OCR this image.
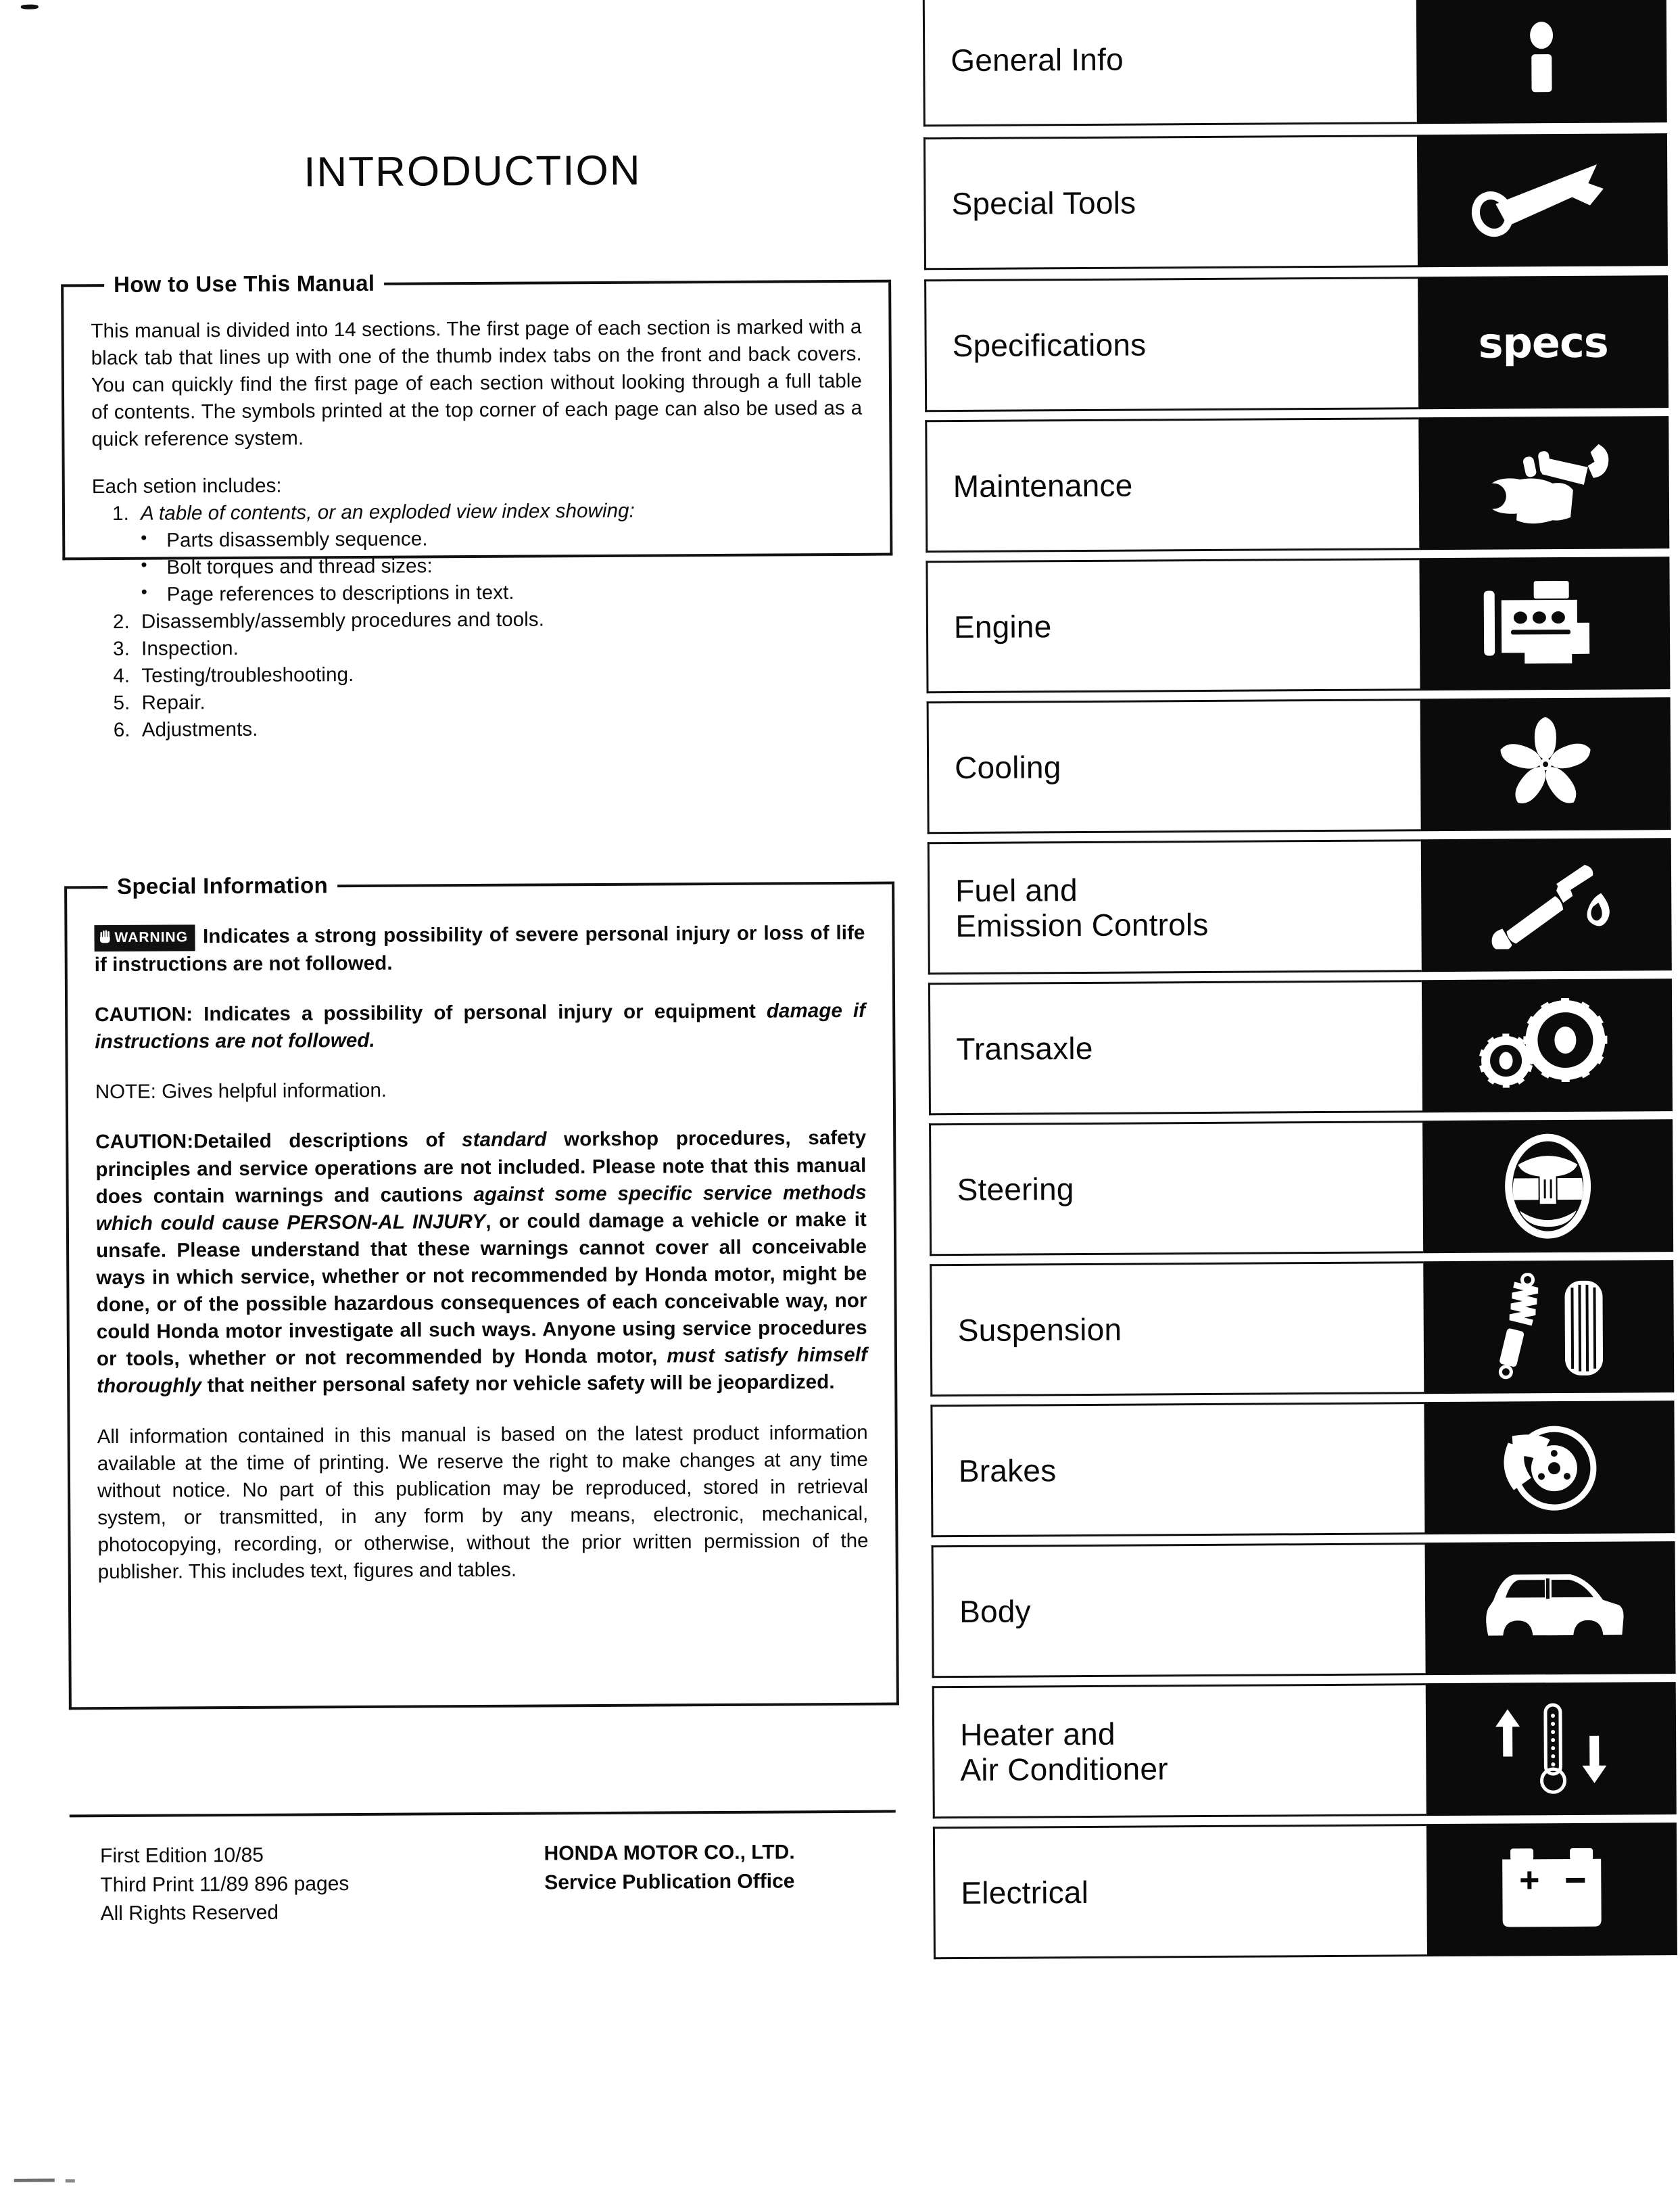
INTRODUCTION
How to Use This Manual
This manual is divided into 14 sections. The first page of each section is marked with a black tab that lines up with one of the thumb index tabs on the front and back covers. You can quickly find the first page of each section without looking through a full table of contents. The symbols printed at the top corner of each page can also be used as a quick reference system.
Each setion includes:
1. A table of contents, or an exploded view index showing:
• Parts disassembly sequence.
• Bolt torques and thread sizes:
• Page references to descriptions in text.
2. Disassembly/assembly procedures and tools.
3. Inspection.
4. Testing/troubleshooting.
5. Repair.
6. Adjustments.
Special Information
WARNING Indicates a strong possibility of severe personal injury or loss of life if instructions are not followed.
CAUTION: Indicates a possibility of personal injury or equipment damage if instructions are not followed.
NOTE: Gives helpful information.
CAUTION:Detailed descriptions of standard workshop procedures, safety principles and service operations are not included. Please note that this manual does contain warnings and cautions against some specific service methods which could cause PERSON-AL INJURY, or could damage a vehicle or make it unsafe. Please understand that these warnings cannot cover all conceivable ways in which service, whether or not recommended by Honda motor, might be done, or of the possible hazardous consequences of each conceivable way, nor could Honda motor investigate all such ways. Anyone using service procedures or tools, whether or not recommended by Honda motor, must satisfy himself thoroughly that neither personal safety nor vehicle safety will be jeopardized.
All information contained in this manual is based on the latest product information available at the time of printing. We reserve the right to make changes at any time without notice. No part of this publication may be reproduced, stored in retrieval system, or transmitted, in any form by any means, electronic, mechanical, photocopying, recording, or otherwise, without the prior written permission of the publisher. This includes text, figures and tables.
First Edition 10/85
Third Print 11/89 896 pages
All Rights Reserved
HONDA MOTOR CO., LTD.
Service Publication Office
General Info
Special Tools
Specifications	specs
Maintenance
Engine
Cooling
Fuel and
Emission Controls
Transaxle
Steering
Suspension
Brakes
Body
Heater and
Air Conditioner
Electrical
